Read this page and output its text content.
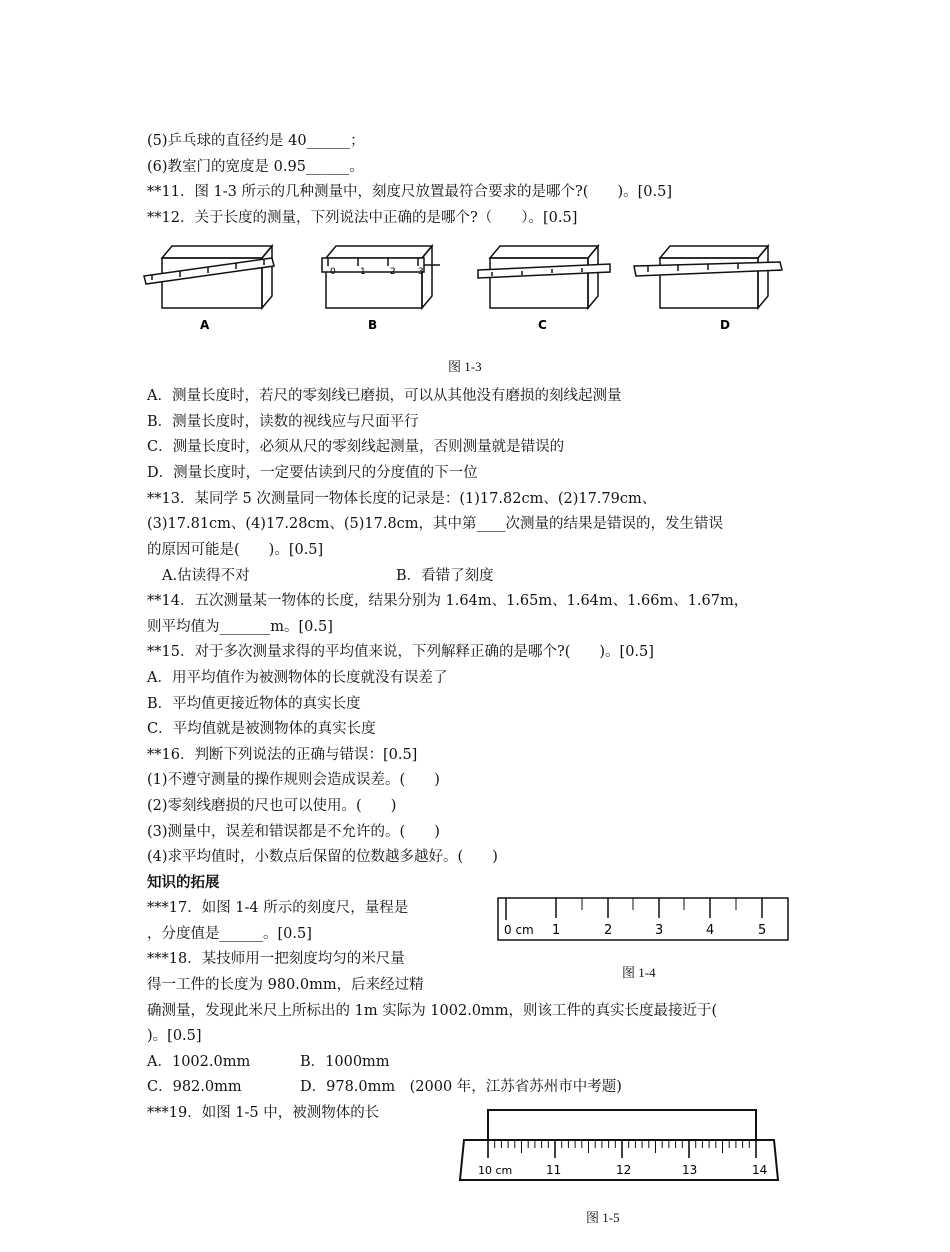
(5)乒乓球的直径约是 40______；
(6)教室门的宽度是 0.95______。
**11．图 1-3 所示的几种测量中，刻度尺放置最符合要求的是哪个?(　　)。[0.5]
**12．关于长度的测量，下列说法中正确的是哪个?（　　）。[0.5]
0	1	2 3
A	B	C	D
图 1-3
A．测量长度时，若尺的零刻线已磨损，可以从其他没有磨损的刻线起测量
B．测量长度时，读数的视线应与尺面平行
C．测量长度时，必须从尺的零刻线起测量，否则测量就是错误的
D．测量长度时，一定要估读到尺的分度值的下一位
**13．某同学 5 次测量同一物体长度的记录是：(1)17.82cm、(2)17.79cm、
(3)17.81cm、(4)17.28cm、(5)17.8cm，其中第____次测量的结果是错误的，发生错误
的原因可能是(　　)。[0.5]
A.估读得不对	B．看错了刻度
**14．五次测量某一物体的长度，结果分别为 1.64m、1.65m、1.64m、1.66m、1.67m，
则平均值为_______m。[0.5]
**15．对于多次测量求得的平均值来说，下列解释正确的是哪个?(　　)。[0.5]
A．用平均值作为被测物体的长度就没有误差了
B．平均值更接近物体的真实长度
C．平均值就是被测物体的真实长度
**16．判断下列说法的正确与错误：[0.5]
(1)不遵守测量的操作规则会造成误差。(　　)
(2)零刻线磨损的尺也可以使用。(　　)
(3)测量中，误差和错误都是不允许的。(　　)
(4)求平均值时，小数点后保留的位数越多越好。(　　)
知识的拓展
***17．如图 1-4 所示的刻度尺，量程是
，分度值是______。[0.5]	0 cm 1	2	3	4	5
图 1-4
***18．某技师用一把刻度均匀的米尺量
得一工件的长度为 980.0mm，后来经过精
确测量，发现此米尺上所标出的 1m 实际为 1002.0mm，则该工件的真实长度最接近于(
)。[0.5]
A．1002.0mm	B．1000mm
C．982.0mm	D．978.0mm　(2000 年，江苏省苏州市中考题)
***19．如图 1-5 中，被测物体的长
10 cm	11	12	13	14
图 1-5
